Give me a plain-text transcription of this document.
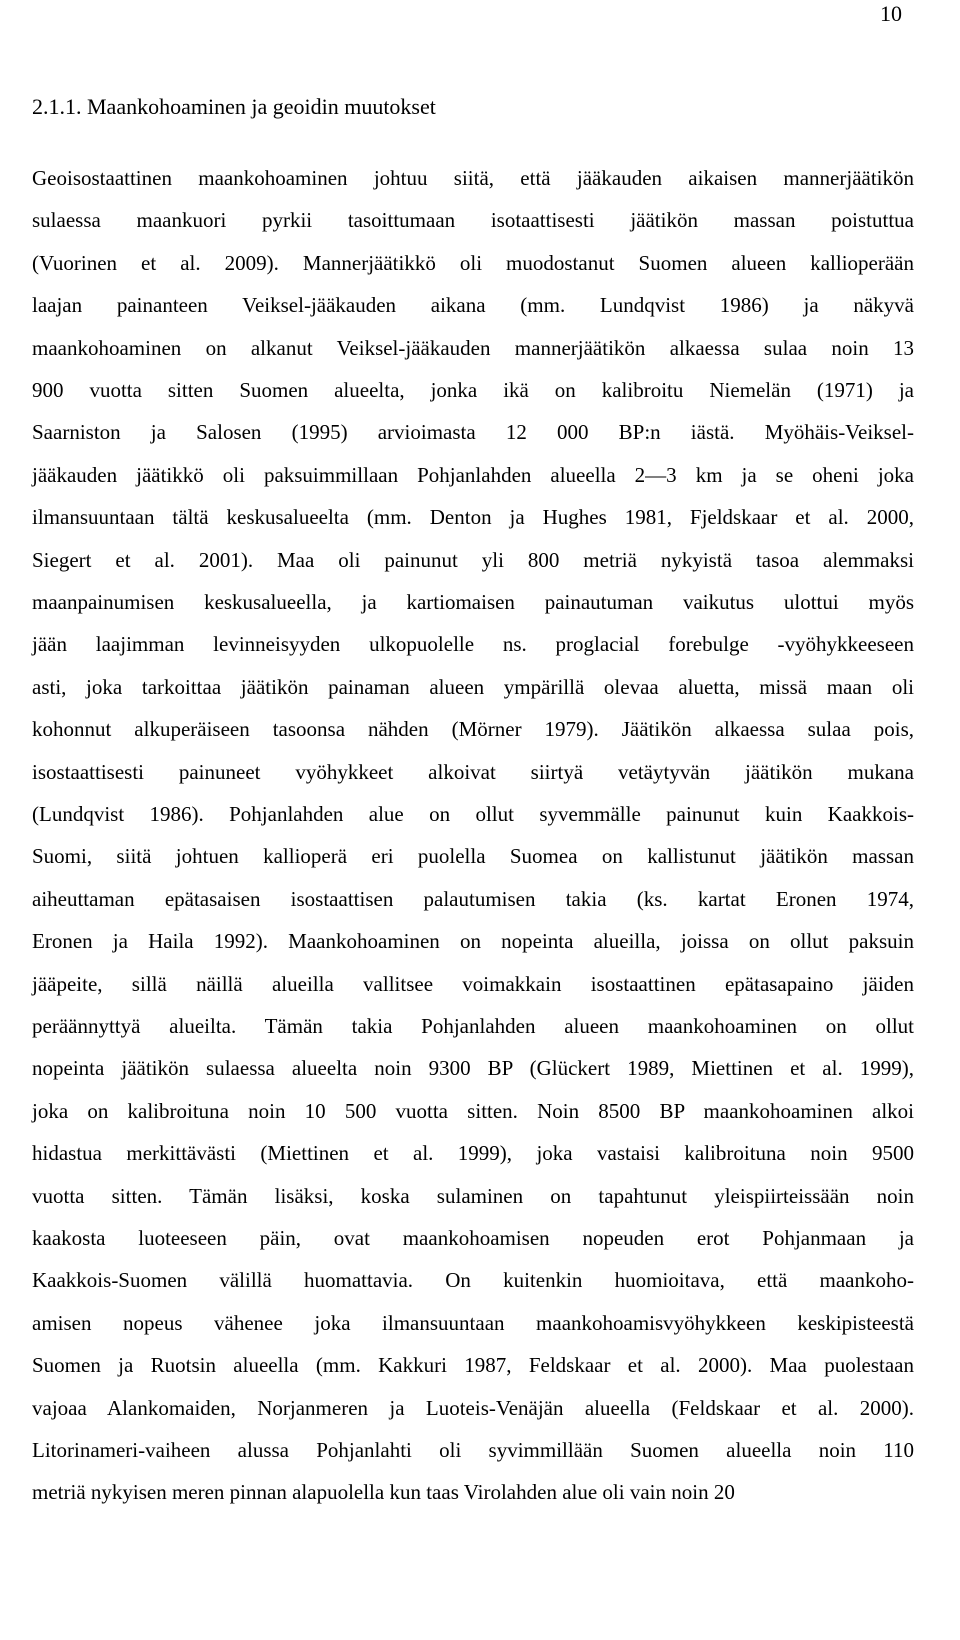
10
2.1.1. Maankohoaminen ja geoidin muutokset
Geoisostaattinen maankohoaminen johtuu siitä, että jääkauden aikaisen mannerjäätikön
sulaessa maankuori pyrkii tasoittumaan isotaattisesti jäätikön massan poistuttua
(Vuorinen et al. 2009). Mannerjäätikkö oli muodostanut Suomen alueen kallioperään
laajan painanteen Veiksel-jääkauden aikana (mm. Lundqvist 1986) ja näkyvä
maankohoaminen on alkanut Veiksel-jääkauden mannerjäätikön alkaessa sulaa noin 13
900 vuotta sitten Suomen alueelta, jonka ikä on kalibroitu Niemelän (1971) ja
Saarniston ja Salosen (1995) arvioimasta 12 000 BP:n iästä. Myöhäis-Veiksel-
jääkauden jäätikkö oli paksuimmillaan Pohjanlahden alueella 2—3 km ja se oheni joka
ilmansuuntaan tältä keskusalueelta (mm. Denton ja Hughes 1981, Fjeldskaar et al. 2000,
Siegert et al. 2001). Maa oli painunut yli 800 metriä nykyistä tasoa alemmaksi
maanpainumisen keskusalueella, ja kartiomaisen painautuman vaikutus ulottui myös
jään laajimman levinneisyyden ulkopuolelle ns. proglacial forebulge -vyöhykkeeseen
asti, joka tarkoittaa jäätikön painaman alueen ympärillä olevaa aluetta, missä maan oli
kohonnut alkuperäiseen tasoonsa nähden (Mörner 1979). Jäätikön alkaessa sulaa pois,
isostaattisesti painuneet vyöhykkeet alkoivat siirtyä vetäytyvän jäätikön mukana
(Lundqvist 1986). Pohjanlahden alue on ollut syvemmälle painunut kuin Kaakkois-
Suomi, siitä johtuen kallioperä eri puolella Suomea on kallistunut jäätikön massan
aiheuttaman epätasaisen isostaattisen palautumisen takia (ks. kartat Eronen 1974,
Eronen ja Haila 1992). Maankohoaminen on nopeinta alueilla, joissa on ollut paksuin
jääpeite, sillä näillä alueilla vallitsee voimakkain isostaattinen epätasapaino jäiden
peräännyttyä alueilta. Tämän takia Pohjanlahden alueen maankohoaminen on ollut
nopeinta jäätikön sulaessa alueelta noin 9300 BP (Glückert 1989, Miettinen et al. 1999),
joka on kalibroituna noin 10 500 vuotta sitten. Noin 8500 BP maankohoaminen alkoi
hidastua merkittävästi (Miettinen et al. 1999), joka vastaisi kalibroituna noin 9500
vuotta sitten. Tämän lisäksi, koska sulaminen on tapahtunut yleispiirteissään noin
kaakosta luoteeseen päin, ovat maankohoamisen nopeuden erot Pohjanmaan ja
Kaakkois-Suomen välillä huomattavia. On kuitenkin huomioitava, että maankoho-
amisen nopeus vähenee joka ilmansuuntaan maankohoamisvyöhykkeen keskipisteestä
Suomen ja Ruotsin alueella (mm. Kakkuri 1987, Feldskaar et al. 2000). Maa puolestaan
vajoaa Alankomaiden, Norjanmeren ja Luoteis-Venäjän alueella (Feldskaar et al. 2000).
Litorinameri-vaiheen alussa Pohjanlahti oli syvimmillään Suomen alueella noin 110
metriä nykyisen meren pinnan alapuolella kun taas Virolahden alue oli vain noin 20
